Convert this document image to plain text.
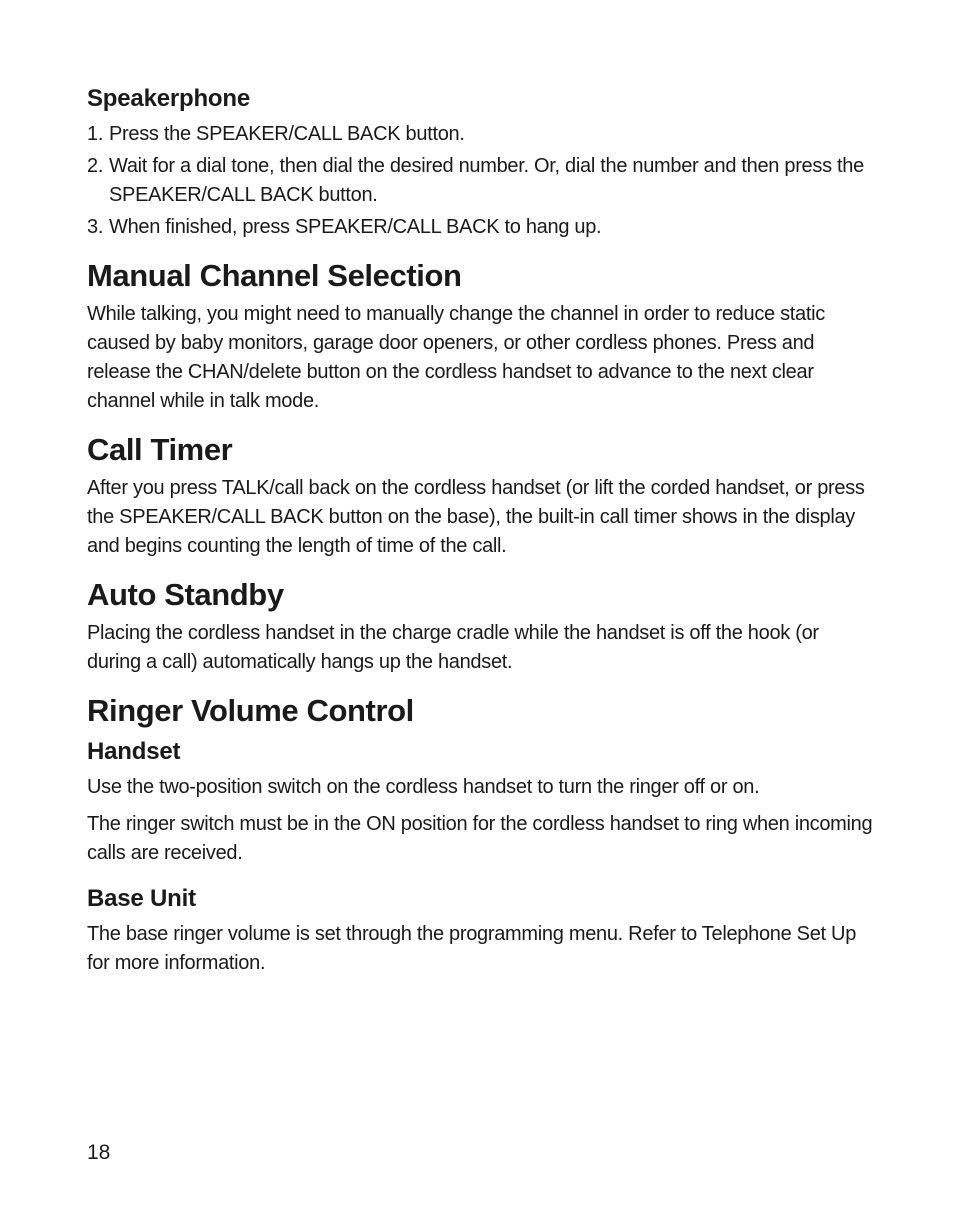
Speakerphone
1. Press the SPEAKER/CALL BACK button.
2. Wait for a dial tone, then dial the desired number. Or, dial the number and then press the SPEAKER/CALL BACK button.
3. When finished, press SPEAKER/CALL BACK to hang up.
Manual Channel Selection

While talking, you might need to manually change the channel in order to reduce static caused by baby monitors, garage door openers, or other cordless phones. Press and release the CHAN/delete button on the cordless handset to advance to the next clear channel while in talk mode.

Call Timer

After you press TALK/call back on the cordless handset (or lift the corded handset, or press the SPEAKER/CALL BACK button on the base), the built-in call timer shows in the display and begins counting the length of time of the call.

Auto Standby

Placing the cordless handset in the charge cradle while the handset is off the hook (or during a call) automatically hangs up the handset.

Ringer Volume Control
Handset

Use the two-position switch on the cordless handset to turn the ringer off or on.

The ringer switch must be in the ON position for the cordless handset to ring when incoming calls are received.

Base Unit

The base ringer volume is set through the programming menu. Refer to Telephone Set Up for more information.

18
